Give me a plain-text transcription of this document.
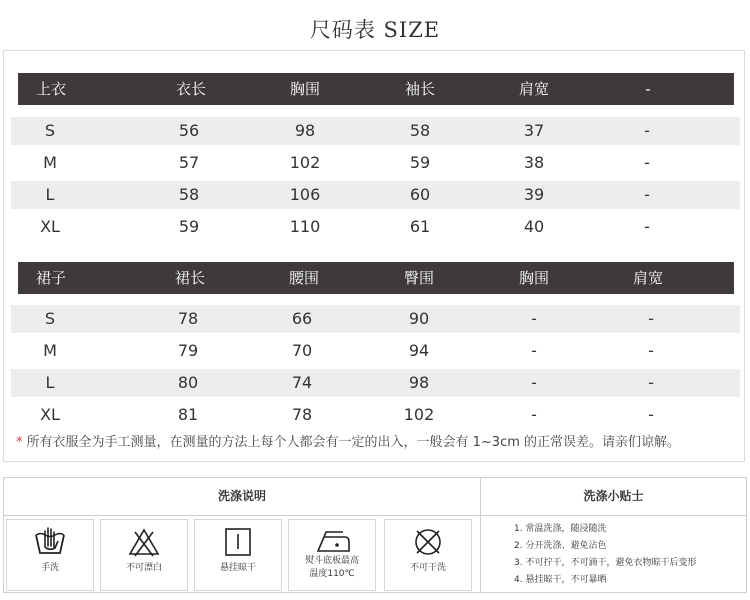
尺码表 SIZE
上衣	衣长	胸围	袖长	肩宽	-
S	56	98	58	37	-
M	57	102	59	38	-
L	58	106	60	39	-
XL	59	110	61	40	-
裙子	裙长	腰围	臀围	胸围	肩宽
S	78	66	90	-	-
M	79	70	94	-	-
L	80	74	98	-	-
XL	81	78	102	-	-
* 所有衣服全为手工测量，在测量的方法上每个人都会有一定的出入，一般会有 1~3cm 的正常误差。请亲们谅解。
洗涤说明	洗涤小贴士
手洗	不可漂白	悬挂晾干
熨斗底板最高
温度110℃
不可干洗
1. 常温洗涤，随浸随洗
2. 分开洗涤、避免沾色
3. 不可拧干，不可滴干，避免衣物晾干后变形
4. 悬挂晾干，不可暴晒
